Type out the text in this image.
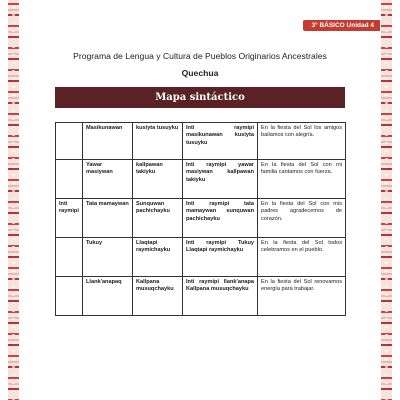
3° BÁSICO Unidad 4
Programa de Lengua y Cultura de Pueblos Originarios Ancestrales
Quechua
Mapa sintáctico
	Masikunawan	kusiyta tusuyku	Inti raymipi masikunawan kusiyta tusuyku	En la fiesta del Sol los amigos bailamos con alegría.
	Yawar masiywan	kallpawan takiyku	Inti raymipi yawar masiywan kallpawan takiyku	En la fiesta del Sol con mi familia cantamos con fuerza.
Inti raymipi	Tata mamaywan	Sunquwan pachichayku	Inti raymipi tata mamaywan sunquwan pachichayku	En la fiesta del Sol con mis padres agradecemos de corazón.
	Tukuy	Llaqtapi raymichayku	Inti raymipi Tukuy Llaqtapi raymichayku	En la fiesta del Sol todos celebramos en el pueblo.
	Llank'anapaq	Kallpana musuqchayku	Inti raymipi llank'anapa Kallpana musuqchayku	En la fiesta del Sol renovamos energía para trabajar.
